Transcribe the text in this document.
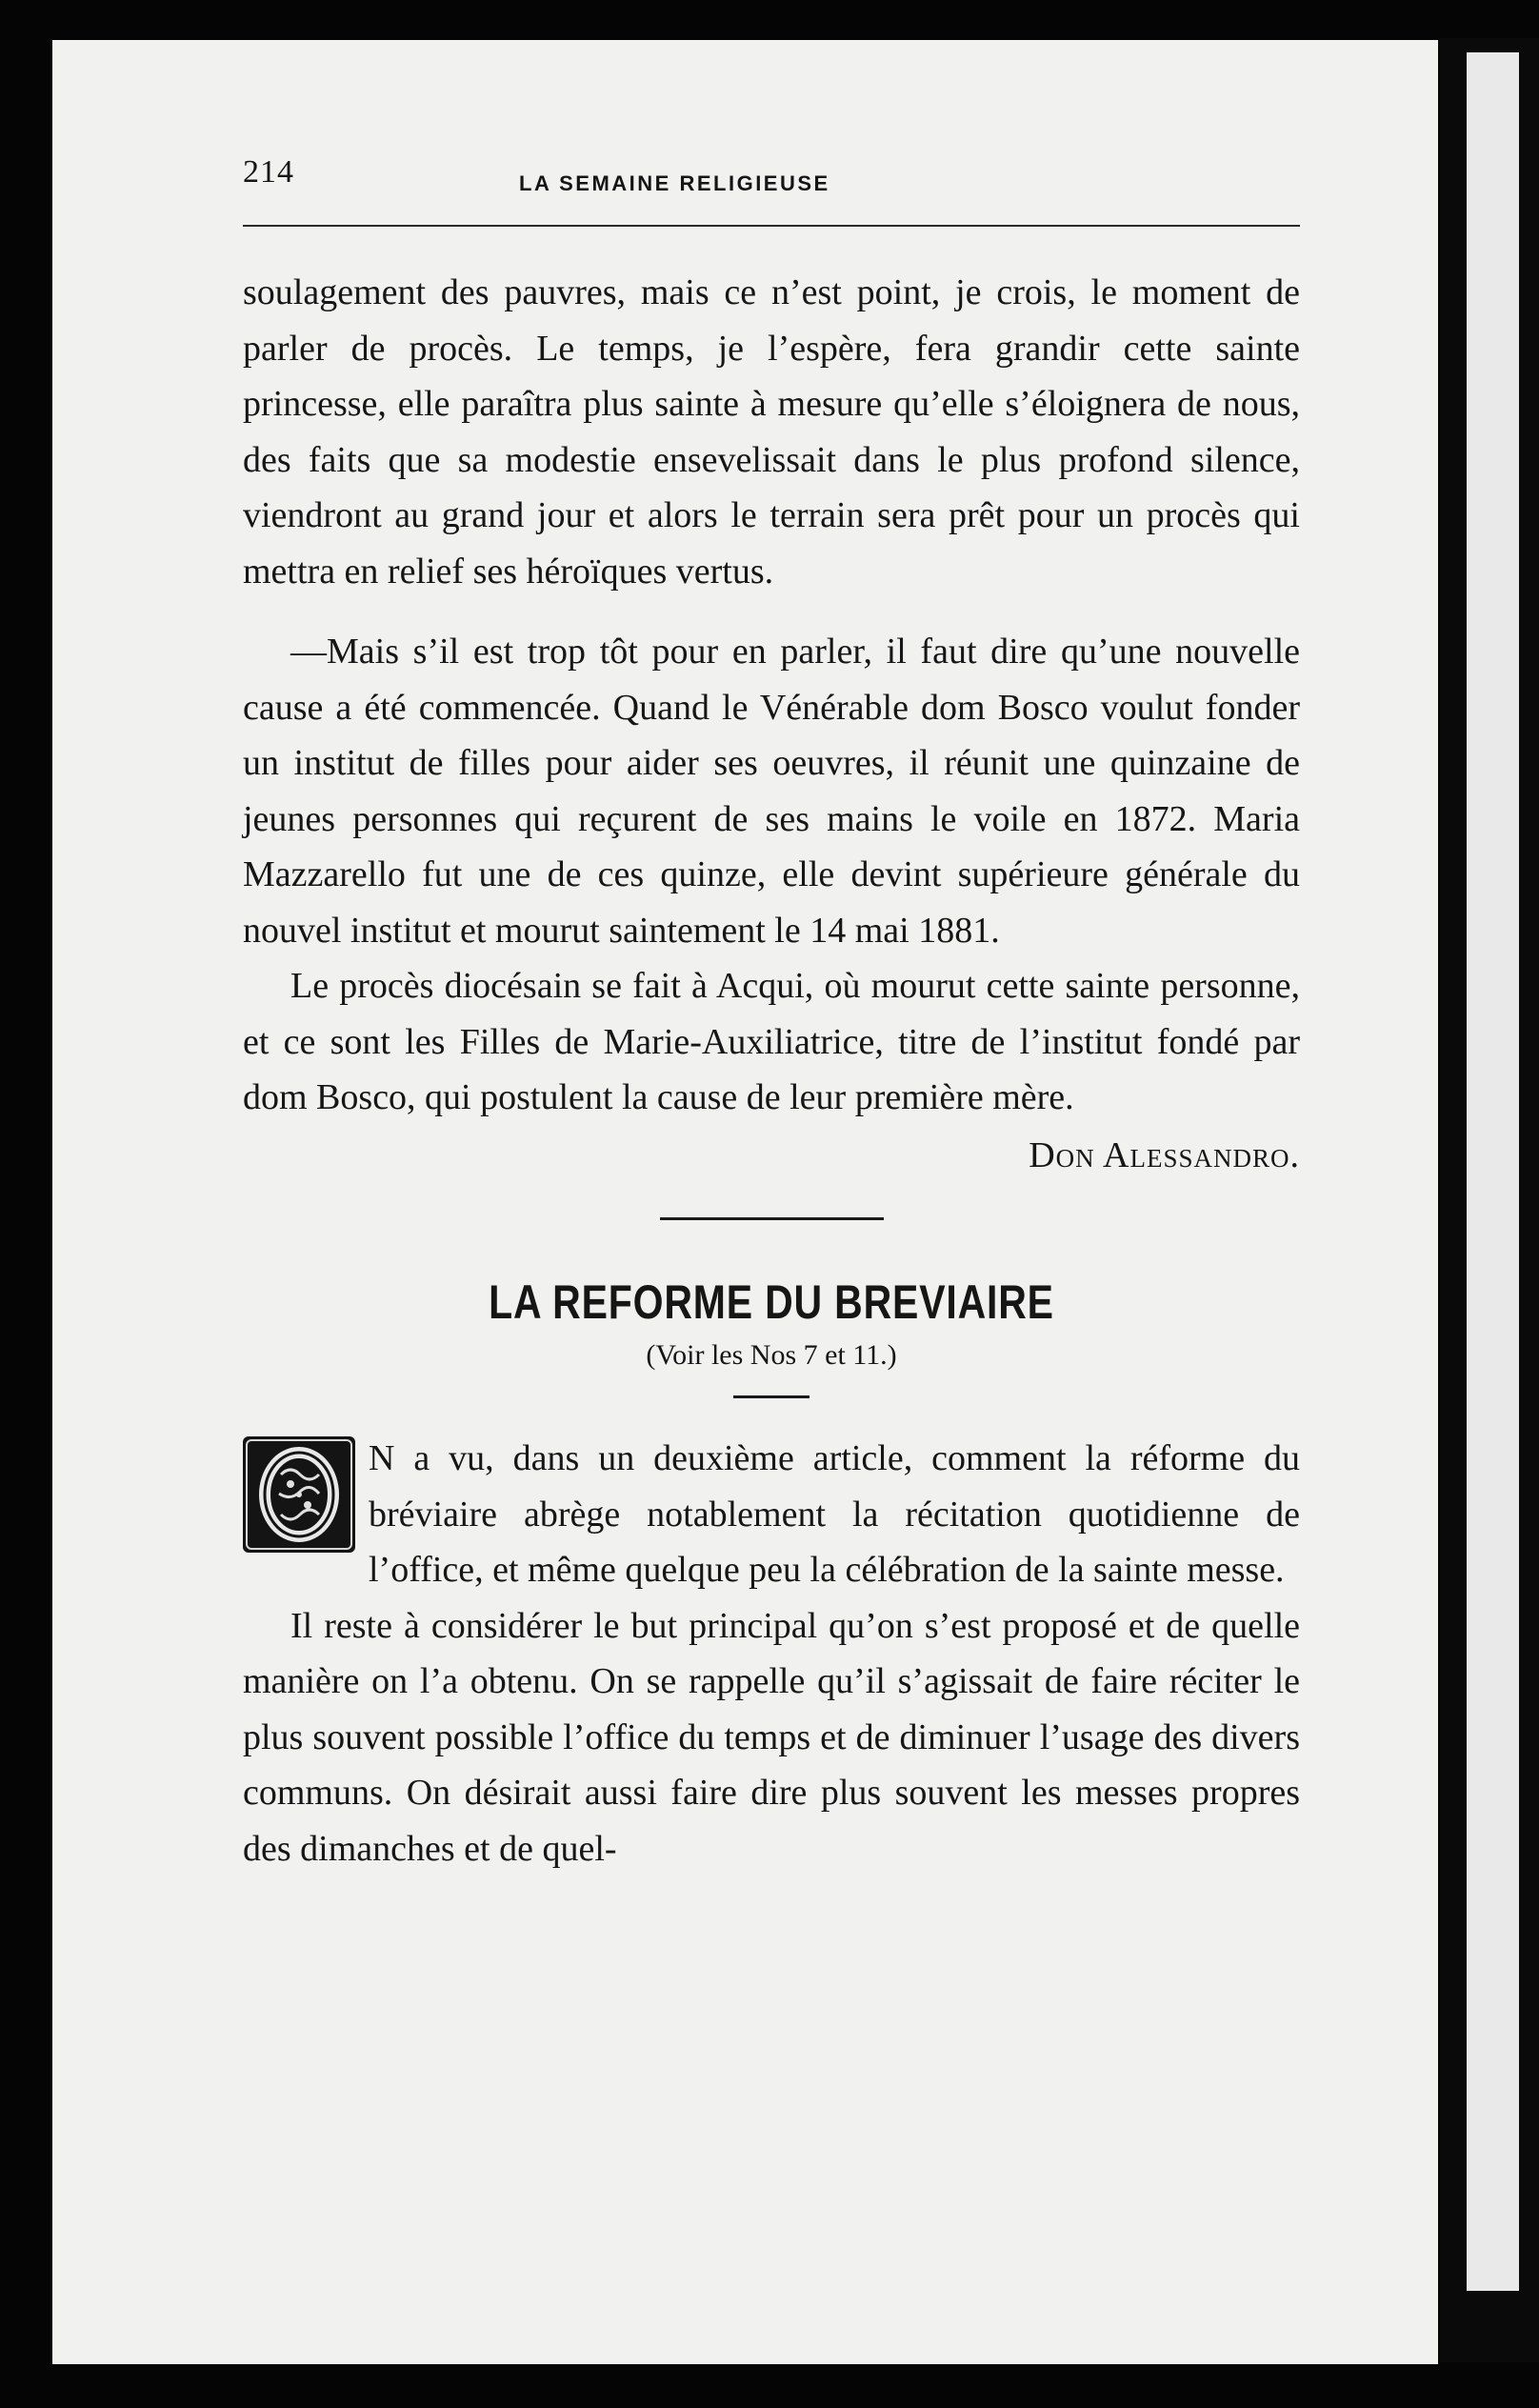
214	LA SEMAINE RELIGIEUSE

soulagement des pauvres, mais ce n’est point, je crois, le moment de parler de procès. Le temps, je l’espère, fera grandir cette sainte princesse, elle paraîtra plus sainte à mesure qu’elle s’éloignera de nous, des faits que sa modestie ensevelissait dans le plus profond silence, viendront au grand jour et alors le terrain sera prêt pour un procès qui mettra en relief ses héroïques vertus.

—Mais s’il est trop tôt pour en parler, il faut dire qu’une nouvelle cause a été commencée. Quand le Vénérable dom Bosco voulut fonder un institut de filles pour aider ses oeuvres, il réunit une quinzaine de jeunes personnes qui reçurent de ses mains le voile en 1872. Maria Mazzarello fut une de ces quinze, elle devint supérieure générale du nouvel institut et mourut saintement le 14 mai 1881.

Le procès diocésain se fait à Acqui, où mourut cette sainte personne, et ce sont les Filles de Marie-Auxiliatrice, titre de l’institut fondé par dom Bosco, qui postulent la cause de leur première mère.

Don Alessandro.

LA REFORME DU BREVIAIRE
(Voir les Nos 7 et 11.)

N a vu, dans un deuxième article, comment la réforme du bréviaire abrège notablement la récitation quotidienne de l’office, et même quelque peu la célébration de la sainte messe.

Il reste à considérer le but principal qu’on s’est proposé et de quelle manière on l’a obtenu. On se rappelle qu’il s’agissait de faire réciter le plus souvent possible l’office du temps et de diminuer l’usage des divers communs. On désirait aussi faire dire plus souvent les messes propres des dimanches et de quel-
